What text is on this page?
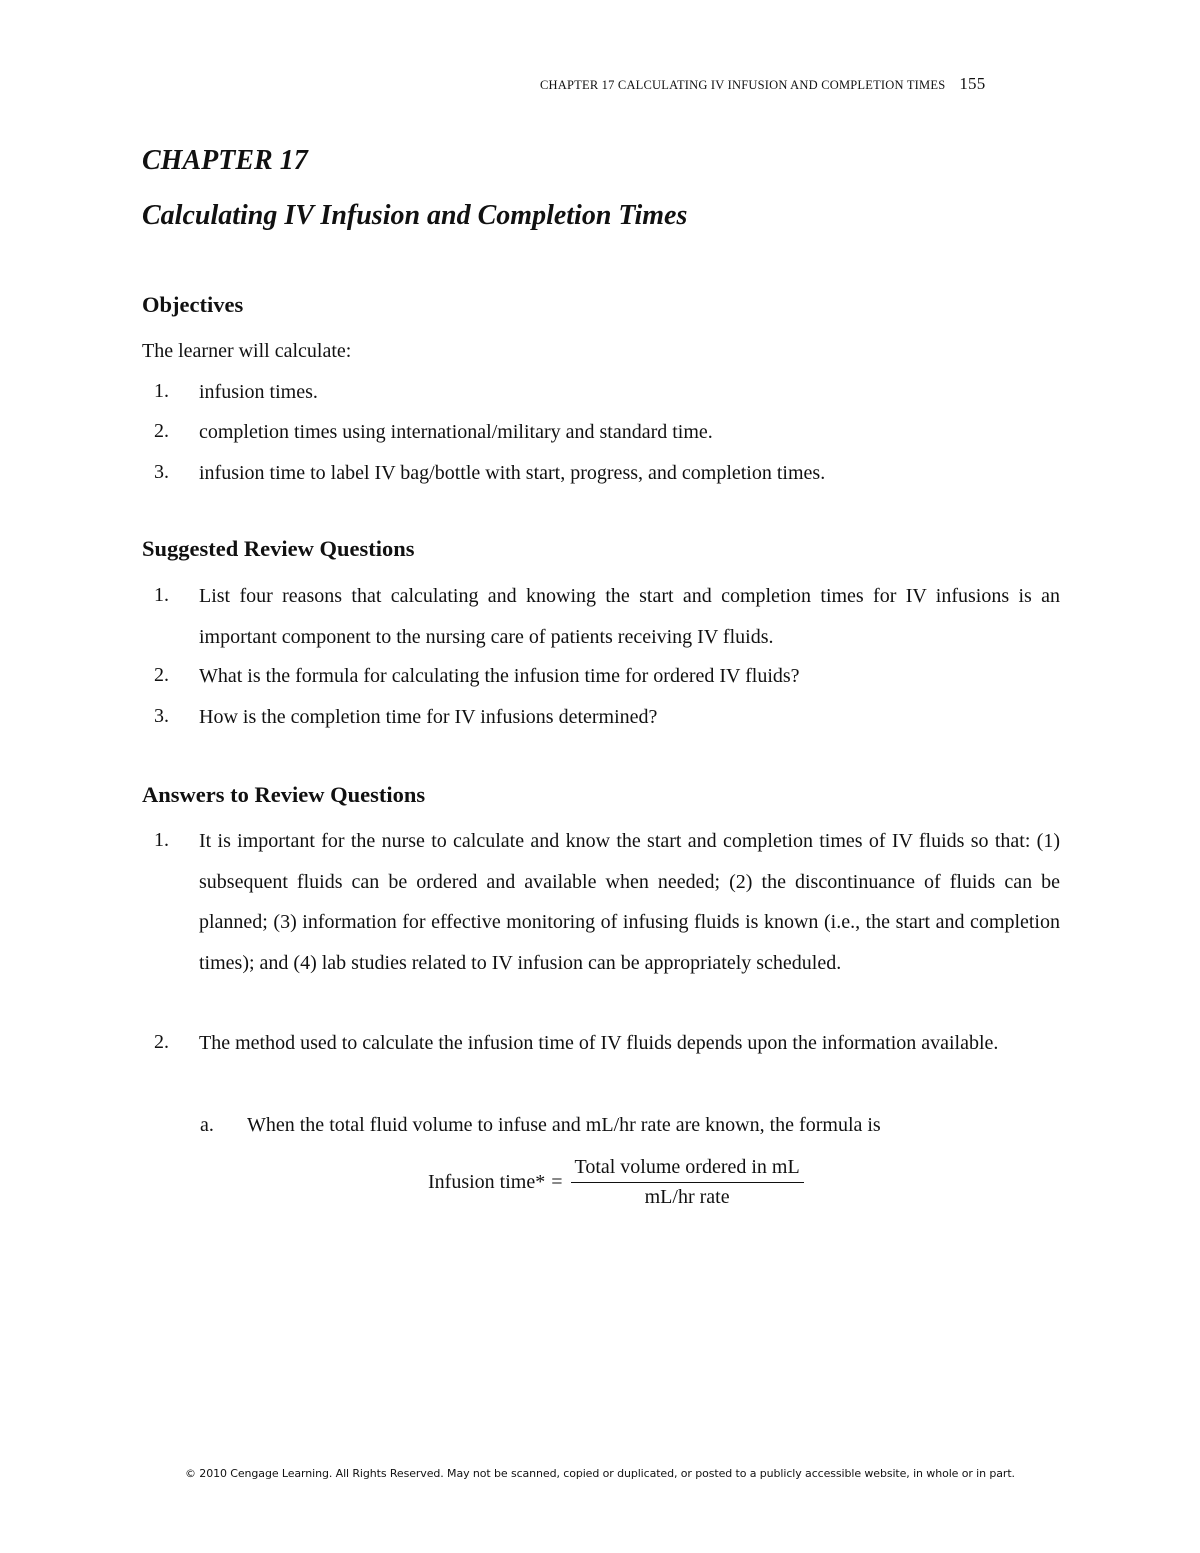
CHAPTER 17 CALCULATING IV INFUSION AND COMPLETION TIMES 155
CHAPTER 17
Calculating IV Infusion and Completion Times
Objectives
The learner will calculate:
1. infusion times.
2. completion times using international/military and standard time.
3. infusion time to label IV bag/bottle with start, progress, and completion times.
Suggested Review Questions
1. List four reasons that calculating and knowing the start and completion times for IV infusions is an important component to the nursing care of patients receiving IV fluids.
2. What is the formula for calculating the infusion time for ordered IV fluids?
3. How is the completion time for IV infusions determined?
Answers to Review Questions
1. It is important for the nurse to calculate and know the start and completion times of IV fluids so that: (1) subsequent fluids can be ordered and available when needed; (2) the discontinuance of fluids can be planned; (3) information for effective monitoring of infusing fluids is known (i.e., the start and completion times); and (4) lab studies related to IV infusion can be appropriately scheduled.
2. The method used to calculate the infusion time of IV fluids depends upon the information available.
a. When the total fluid volume to infuse and mL/hr rate are known, the formula is
Infusion time* = $\frac{\text{Total volume ordered in mL}}{\text{mL/hr rate}}$
© 2010 Cengage Learning. All Rights Reserved. May not be scanned, copied or duplicated, or posted to a publicly accessible website, in whole or in part.
